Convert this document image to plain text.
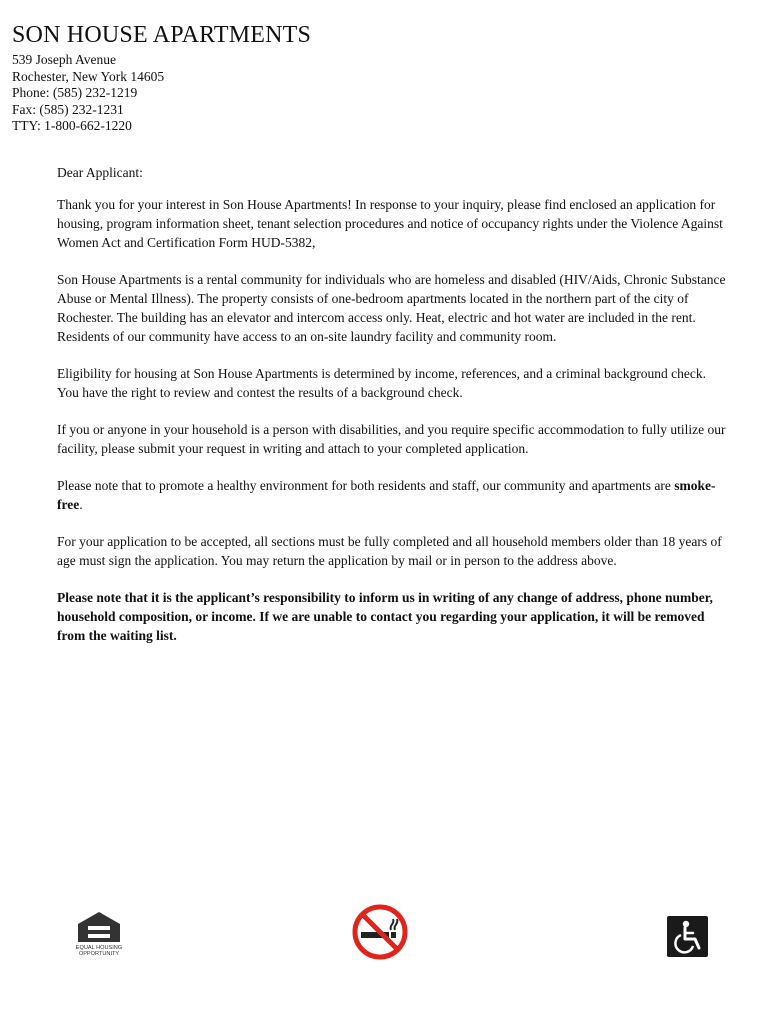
SON HOUSE APARTMENTS
539 Joseph Avenue
Rochester, New York 14605
Phone: (585) 232-1219
Fax: (585) 232-1231
TTY: 1-800-662-1220

Dear Applicant:

Thank you for your interest in Son House Apartments! In response to your inquiry, please find enclosed an application for housing, program information sheet, tenant selection procedures and notice of occupancy rights under the Violence Against Women Act and Certification Form HUD-5382,

Son House Apartments is a rental community for individuals who are homeless and disabled (HIV/Aids, Chronic Substance Abuse or Mental Illness). The property consists of one-bedroom apartments located in the northern part of the city of Rochester. The building has an elevator and intercom access only. Heat, electric and hot water are included in the rent. Residents of our community have access to an on-site laundry facility and community room.

Eligibility for housing at Son House Apartments is determined by income, references, and a criminal background check. You have the right to review and contest the results of a background check.

If you or anyone in your household is a person with disabilities, and you require specific accommodation to fully utilize our facility, please submit your request in writing and attach to your completed application.

Please note that to promote a healthy environment for both residents and staff, our community and apartments are smoke-free.

For your application to be accepted, all sections must be fully completed and all household members older than 18 years of age must sign the application. You may return the application by mail or in person to the address above.

Please note that it is the applicant’s responsibility to inform us in writing of any change of address, phone number, household composition, or income. If we are unable to contact you regarding your application, it will be removed from the waiting list.

EQUAL HOUSING
OPPORTUNITY
